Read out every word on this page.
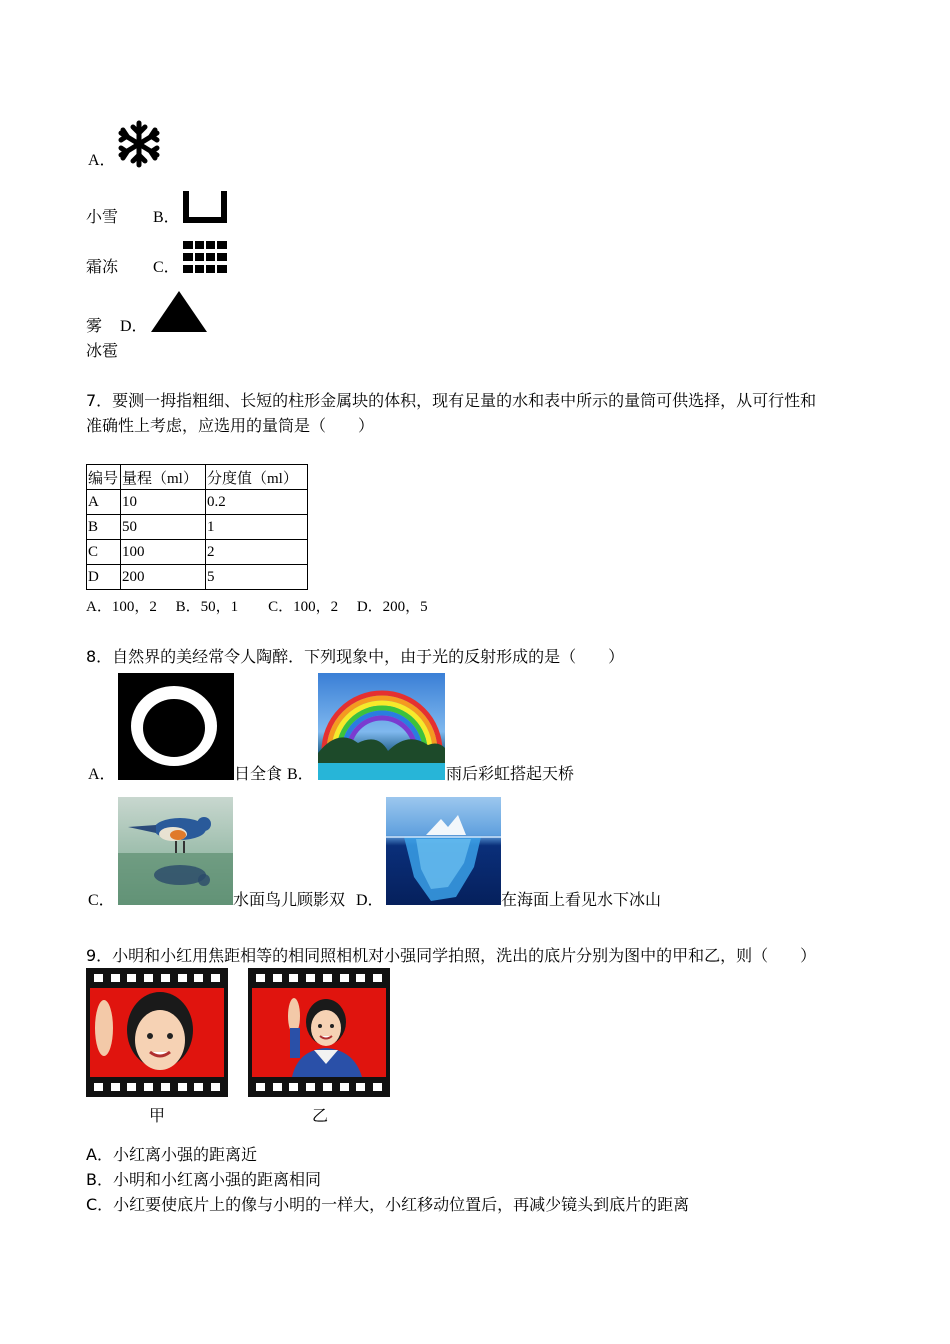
A．
小雪 B．
霜冻 C．
雾 D．
冰雹
7．要测一拇指粗细、长短的柱形金属块的体积，现有足量的水和表中所示的量筒可供选择，从可行性和
准确性上考虑，应选用的量筒是（　　）
编号	量程（ml）	分度值（ml）
A	10	0.2
B	50	1
C	100	2
D	200	5
A．100，2　 B．50，1　　C．100，2　 D．200，5
8．自然界的美经常令人陶醉．下列现象中，由于光的反射形成的是（　　）
A．	日全食 B．	雨后彩虹搭起天桥
C．	水面鸟儿顾影双 D．	在海面上看见水下冰山
9．小明和小红用焦距相等的相同照相机对小强同学拍照，洗出的底片分别为图中的甲和乙，则（　　）
甲	乙
A．小红离小强的距离近
B．小明和小红离小强的距离相同
C．小红要使底片上的像与小明的一样大，小红移动位置后，再减少镜头到底片的距离
